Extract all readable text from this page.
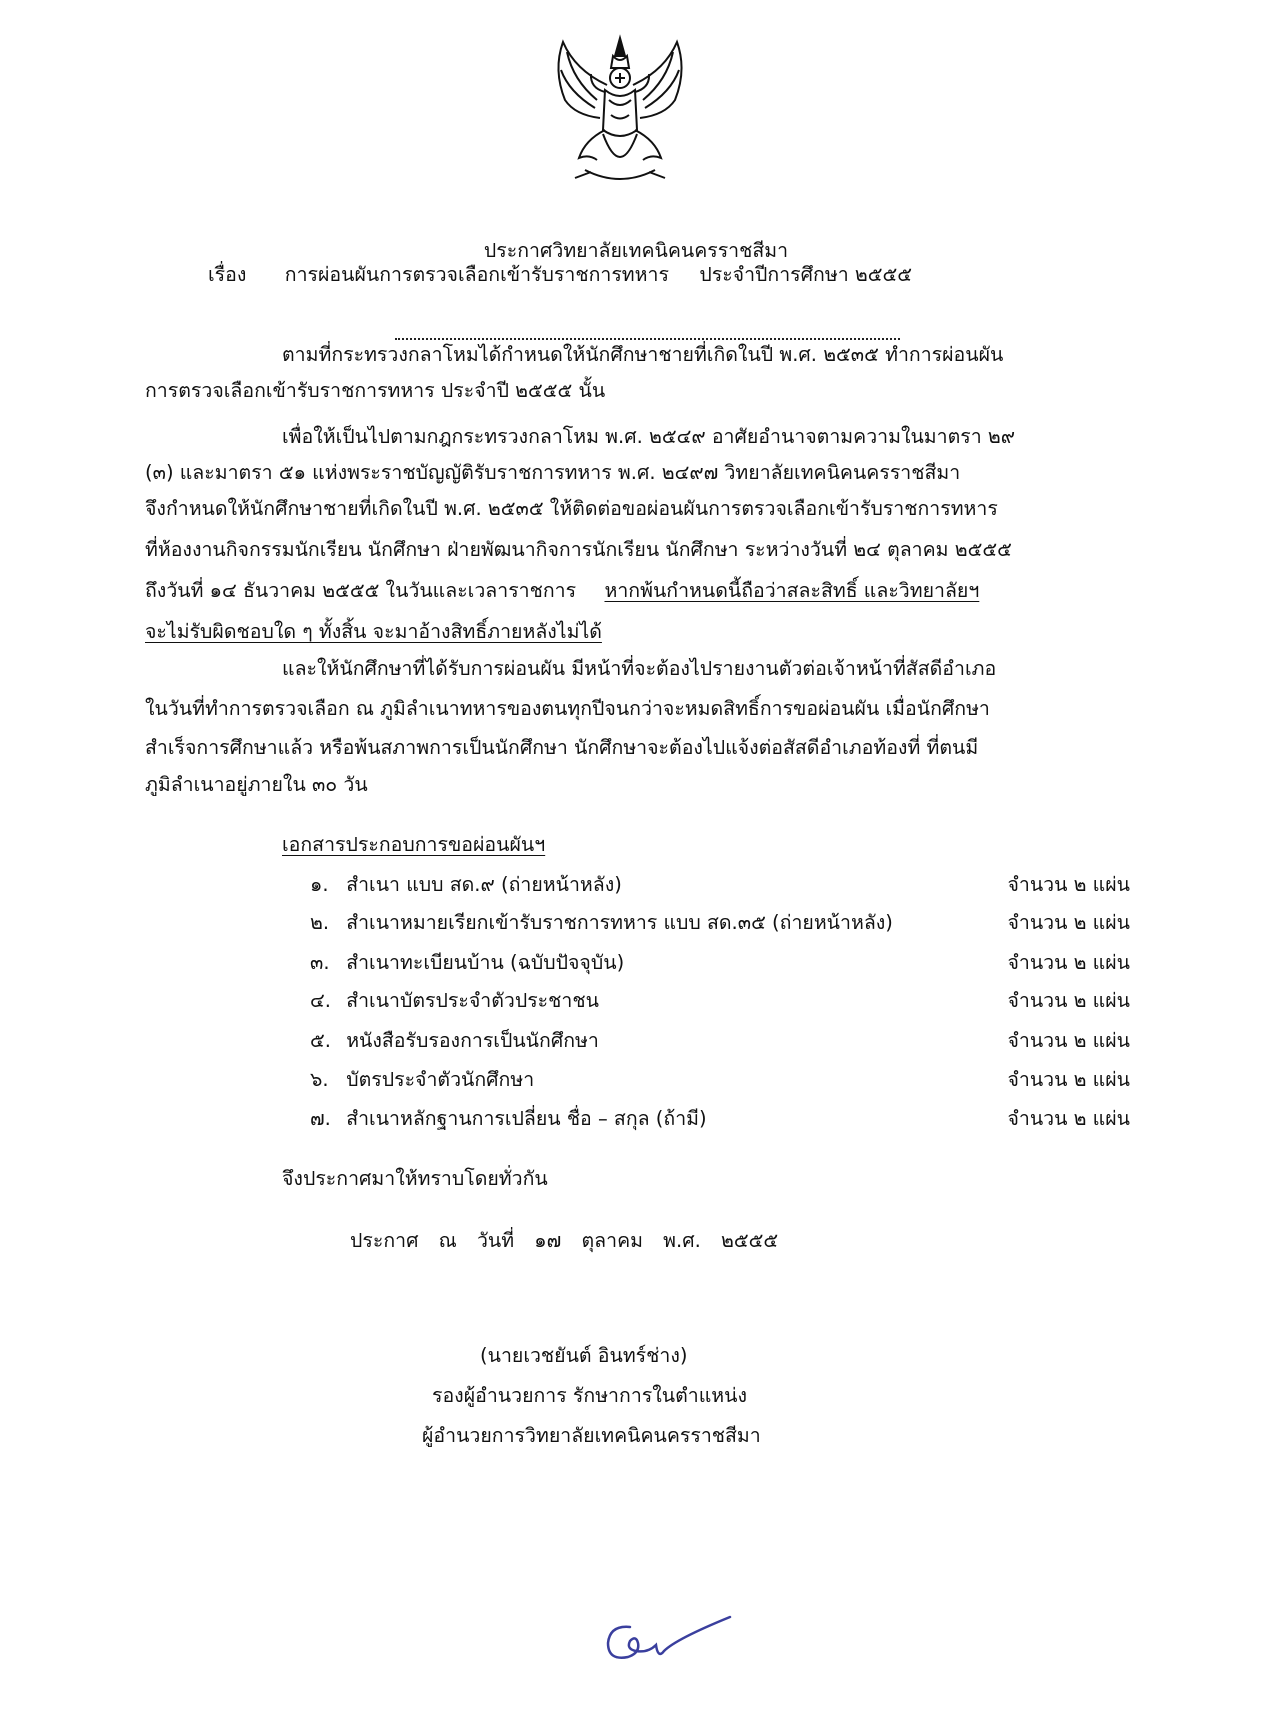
ประกาศวิทยาลัยเทคนิคนครราชสีมา
เรื่อง การผ่อนผันการตรวจเลือกเข้ารับราชการทหาร ประจำปีการศึกษา ๒๕๕๕
ตามที่กระทรวงกลาโหมได้กำหนดให้นักศึกษาชายที่เกิดในปี พ.ศ. ๒๕๓๕ ทำการผ่อนผัน
การตรวจเลือกเข้ารับราชการทหาร ประจำปี ๒๕๕๕ นั้น
เพื่อให้เป็นไปตามกฎกระทรวงกลาโหม พ.ศ. ๒๕๔๙ อาศัยอำนาจตามความในมาตรา ๒๙
(๓) และมาตรา ๕๑ แห่งพระราชบัญญัติรับราชการทหาร พ.ศ. ๒๔๙๗ วิทยาลัยเทคนิคนครราชสีมา
จึงกำหนดให้นักศึกษาชายที่เกิดในปี พ.ศ. ๒๕๓๕ ให้ติดต่อขอผ่อนผันการตรวจเลือกเข้ารับราชการทหาร
ที่ห้องงานกิจกรรมนักเรียน นักศึกษา ฝ่ายพัฒนากิจการนักเรียน นักศึกษา ระหว่างวันที่ ๒๔ ตุลาคม ๒๕๕๕
ถึงวันที่ ๑๔ ธันวาคม ๒๕๕๕ ในวันและเวลาราชการ หากพ้นกำหนดนี้ถือว่าสละสิทธิ์ และวิทยาลัยฯ
จะไม่รับผิดชอบใด ๆ ทั้งสิ้น จะมาอ้างสิทธิ์ภายหลังไม่ได้
และให้นักศึกษาที่ได้รับการผ่อนผัน มีหน้าที่จะต้องไปรายงานตัวต่อเจ้าหน้าที่สัสดีอำเภอ
ในวันที่ทำการตรวจเลือก ณ ภูมิลำเนาทหารของตนทุกปีจนกว่าจะหมดสิทธิ์การขอผ่อนผัน เมื่อนักศึกษา
สำเร็จการศึกษาแล้ว หรือพ้นสภาพการเป็นนักศึกษา นักศึกษาจะต้องไปแจ้งต่อสัสดีอำเภอท้องที่ ที่ตนมี
ภูมิลำเนาอยู่ภายใน ๓๐ วัน
เอกสารประกอบการขอผ่อนผันฯ
๑. สำเนา แบบ สด.๙ (ถ่ายหน้าหลัง)	จำนวน ๒ แผ่น
๒. สำเนาหมายเรียกเข้ารับราชการทหาร แบบ สด.๓๕ (ถ่ายหน้าหลัง)	จำนวน ๒ แผ่น
๓. สำเนาทะเบียนบ้าน (ฉบับปัจจุบัน)	จำนวน ๒ แผ่น
๔. สำเนาบัตรประจำตัวประชาชน	จำนวน ๒ แผ่น
๕. หนังสือรับรองการเป็นนักศึกษา	จำนวน ๒ แผ่น
๖. บัตรประจำตัวนักศึกษา	จำนวน ๒ แผ่น
๗. สำเนาหลักฐานการเปลี่ยน ชื่อ – สกุล (ถ้ามี)	จำนวน ๒ แผ่น
จึงประกาศมาให้ทราบโดยทั่วกัน
ประกาศ ณ วันที่ ๑๗ ตุลาคม พ.ศ. ๒๕๕๕
(นายเวชยันต์ อินทร์ช่าง)
รองผู้อำนวยการ รักษาการในตำแหน่ง
ผู้อำนวยการวิทยาลัยเทคนิคนครราชสีมา
